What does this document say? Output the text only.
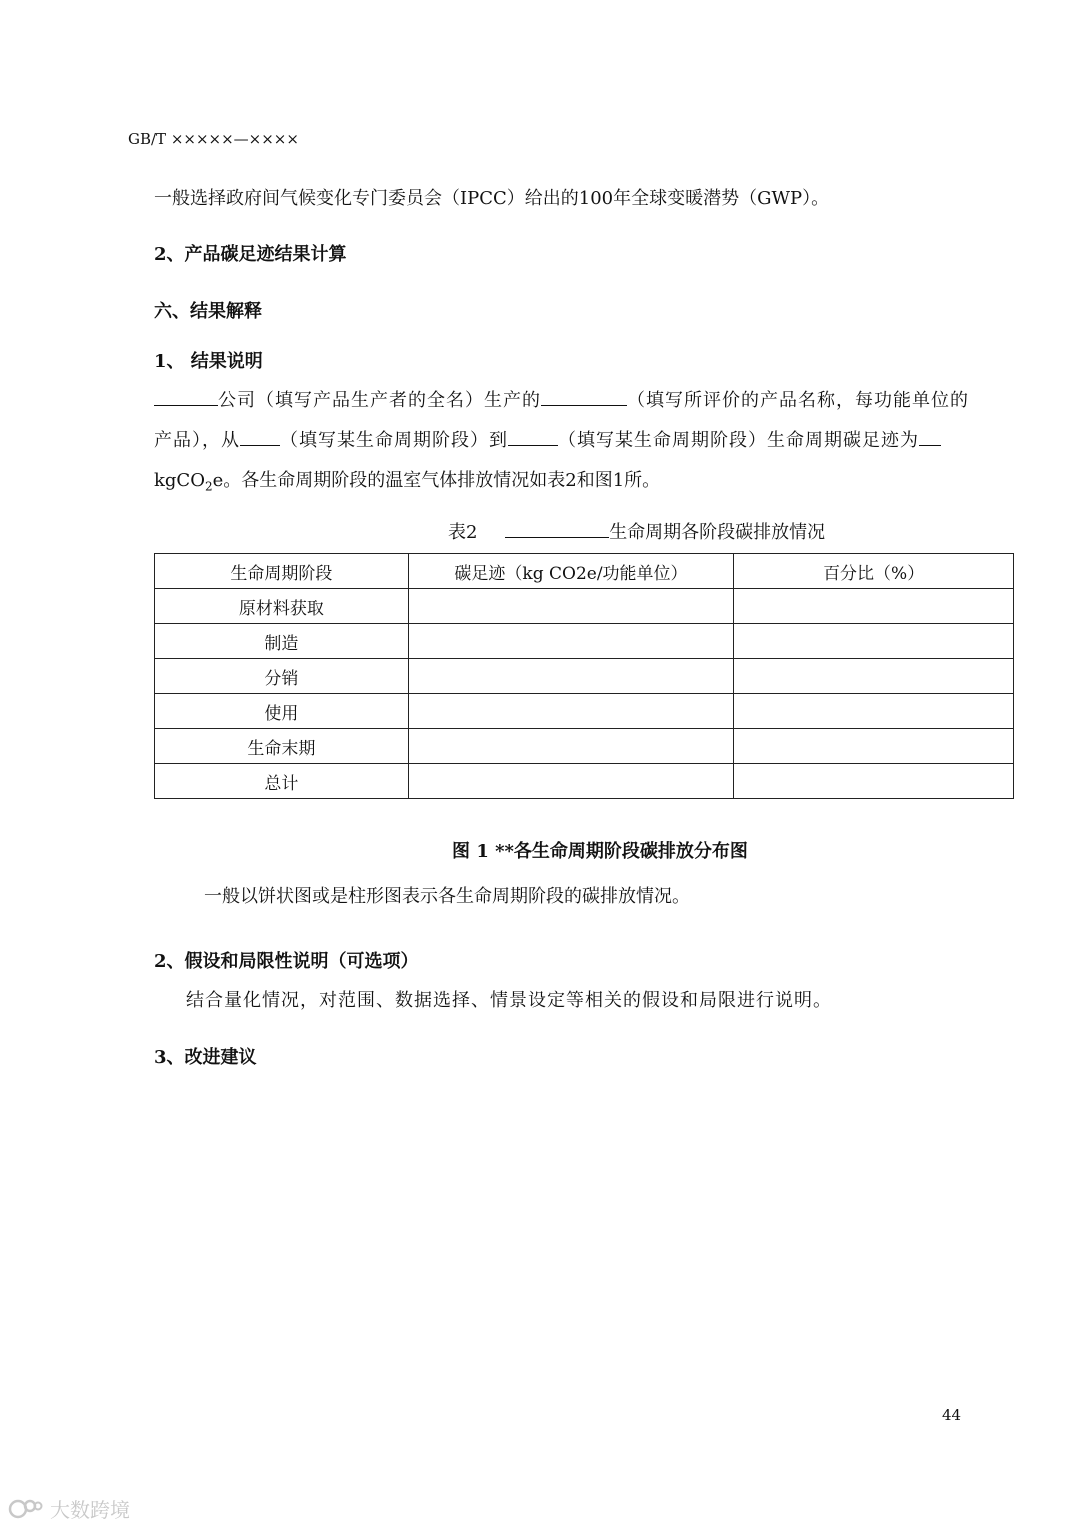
GB/T ×××××—××××
一般选择政府间气候变化专门委员会（IPCC）给出的100年全球变暖潜势（GWP）。
2、产品碳足迹结果计算
六、结果解释
1、 结果说明
公司（填写产品生产者的全名）生产的	（填写所评价的产品名称，每功能单位的
产品），从 （填写某生命周期阶段）到	（填写某生命周期阶段）生命周期碳足迹为
kgCO$_2$e。各生命周期阶段的温室气体排放情况如表2和图1所。
表2	生命周期各阶段碳排放情况
生命周期阶段	碳足迹（kg CO2e/功能单位）	百分比（%）
原材料获取		
制造		
分销		
使用		
生命末期		
总计		
图 1 **各生命周期阶段碳排放分布图
一般以饼状图或是柱形图表示各生命周期阶段的碳排放情况。
2、假设和局限性说明（可选项）
结合量化情况，对范围、数据选择、情景设定等相关的假设和局限进行说明。
3、改进建议
44
大数跨境
